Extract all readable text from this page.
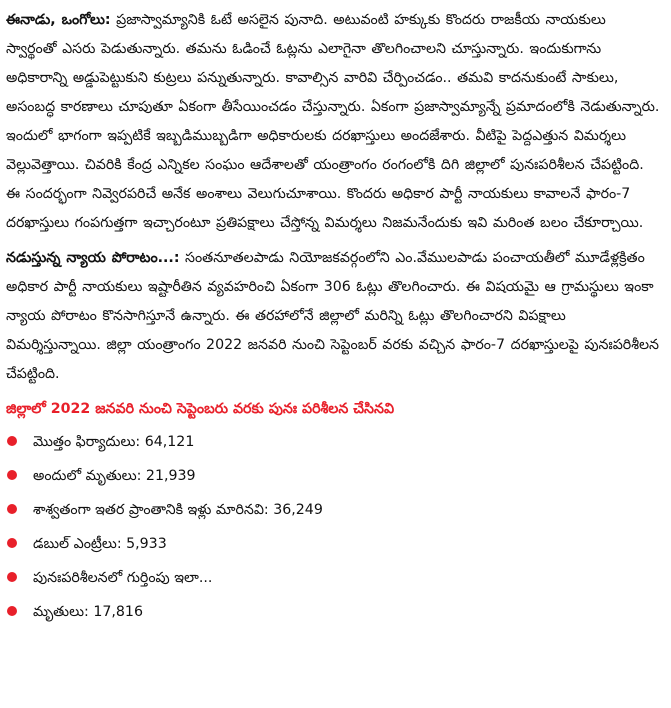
ఈనాడు, ఒంగోలు: ప్రజాస్వామ్యానికి ఓటే అసలైన పునాది. అటువంటి హక్కుకు కొందరు రాజకీయ నాయకులు స్వార్థంతో ఎసరు పెడుతున్నారు. తమను ఓడించే ఓట్లను ఎలాగైనా తొలగించాలని చూస్తున్నారు. ఇందుకుగాను అధికారాన్ని అడ్డుపెట్టుకుని కుట్రలు పన్నుతున్నారు. కావాల్సిన వారివి చేర్పించడం.. తమవి కాదనుకుంటే సాకులు, అసంబద్ధ కారణాలు చూపుతూ ఏకంగా తీసేయించడం చేస్తున్నారు. ఏకంగా ప్రజాస్వామ్యాన్నే ప్రమాదంలోకి నెడుతున్నారు. ఇందులో భాగంగా ఇప్పటికే ఇబ్బడిముబ్బడిగా అధికారులకు దరఖాస్తులు అందజేశారు. వీటిపై పెద్దఎత్తున విమర్శలు వెల్లువెత్తాయి. చివరికి కేంద్ర ఎన్నికల సంఘం ఆదేశాలతో యంత్రాంగం రంగంలోకి దిగి జిల్లాలో పునఃపరిశీలన చేపట్టింది. ఈ సందర్భంగా నివ్వెరపరిచే అనేక అంశాలు వెలుగుచూశాయి. కొందరు అధికార పార్టీ నాయకులు కావాలనే ఫారం-7 దరఖాస్తులు గంపగుత్తగా ఇచ్చారంటూ ప్రతిపక్షాలు చేస్తోన్న విమర్శలు నిజమనేందుకు ఇవి మరింత బలం చేకూర్చాయి.

నడుస్తున్న న్యాయ పోరాటం...: సంతనూతలపాడు నియోజకవర్గంలోని ఎం.వేములపాడు పంచాయతీలో మూడేళ్లక్రితం అధికార పార్టీ నాయకులు ఇష్టారీతిన వ్యవహరించి ఏకంగా 306 ఓట్లు తొలగించారు. ఈ విషయమై ఆ గ్రామస్థులు ఇంకా న్యాయ పోరాటం కొనసాగిస్తూనే ఉన్నారు. ఈ తరహాలోనే జిల్లాలో మరిన్ని ఓట్లు తొలగించారని విపక్షాలు విమర్శిస్తున్నాయి. జిల్లా యంత్రాంగం 2022 జనవరి నుంచి సెప్టెంబర్ వరకు వచ్చిన ఫారం-7 దరఖాస్తులపై పునఃపరిశీలన చేపట్టింది.

జిల్లాలో 2022 జనవరి నుంచి సెప్టెంబరు వరకు పునః పరిశీలన చేసినవి
మొత్తం ఫిర్యాదులు: 64,121
అందులో మృతులు: 21,939
శాశ్వతంగా ఇతర ప్రాంతానికి ఇళ్లు మారినవి: 36,249
డబుల్ ఎంట్రీలు: 5,933
పునఃపరిశీలనలో గుర్తింపు ఇలా...
మృతులు: 17,816
